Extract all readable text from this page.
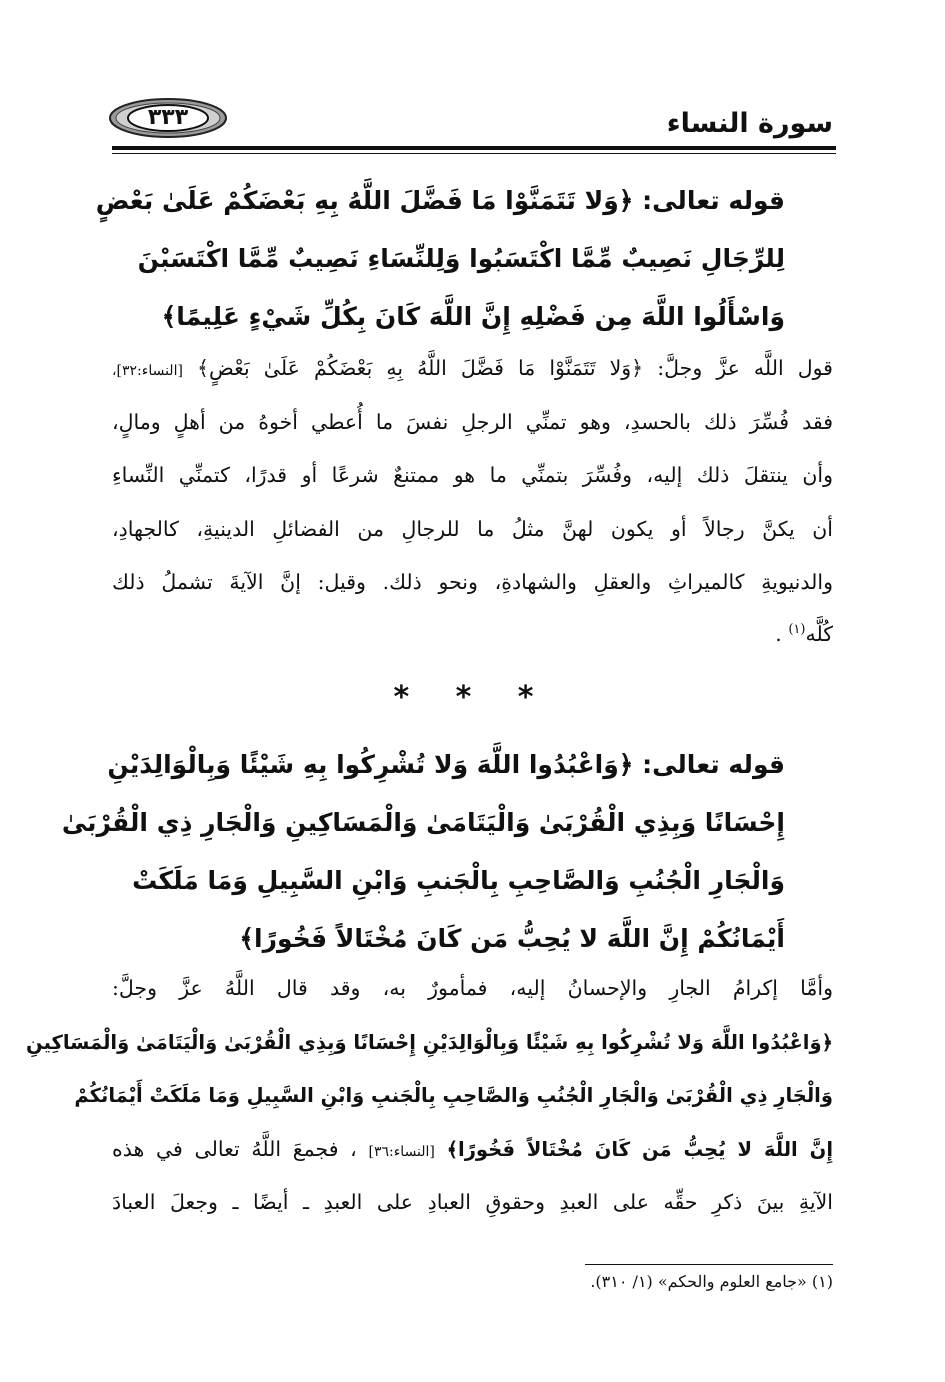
سورة النساء
٣٣٣
قوله تعالى: ﴿وَلا تَتَمَنَّوْا مَا فَضَّلَ اللَّهُ بِهِ بَعْضَكُمْ عَلَىٰ بَعْضٍ
لِلرِّجَالِ نَصِيبٌ مِّمَّا اكْتَسَبُوا وَلِلنِّسَاءِ نَصِيبٌ مِّمَّا اكْتَسَبْنَ
وَاسْأَلُوا اللَّهَ مِن فَضْلِهِ إِنَّ اللَّهَ كَانَ بِكُلِّ شَيْءٍ عَلِيمًا﴾
قول اللَّه عزَّ وجلَّ: ﴿وَلا تَتَمَنَّوْا مَا فَضَّلَ اللَّهُ بِهِ بَعْضَكُمْ عَلَىٰ بَعْضٍ﴾ [النساء:٣٢]،
فقد فُسِّرَ ذلك بالحسدِ، وهو تمنِّي الرجلِ نفسَ ما أُعطي أخوهُ من أهلٍ ومالٍ،
وأن ينتقلَ ذلك إليه، وفُسِّرَ بتمنِّي ما هو ممتنعٌ شرعًا أو قدرًا، كتمنِّي النِّساءِ
أن يكنَّ رجالاً أو يكون لهنَّ مثلُ ما للرجالِ من الفضائلِ الدينيةِ، كالجهادِ،
والدنيويةِ كالميراثِ والعقلِ والشهادةِ، ونحو ذلك. وقيل: إنَّ الآيةَ تشملُ ذلك
كُلَّه$^{(١)}$ .
* * *
قوله تعالى: ﴿وَاعْبُدُوا اللَّهَ وَلا تُشْرِكُوا بِهِ شَيْئًا وَبِالْوَالِدَيْنِ
إِحْسَانًا وَبِذِي الْقُرْبَىٰ وَالْيَتَامَىٰ وَالْمَسَاكِينِ وَالْجَارِ ذِي الْقُرْبَىٰ
وَالْجَارِ الْجُنُبِ وَالصَّاحِبِ بِالْجَنبِ وَابْنِ السَّبِيلِ وَمَا مَلَكَتْ
أَيْمَانُكُمْ إِنَّ اللَّهَ لا يُحِبُّ مَن كَانَ مُخْتَالاً فَخُورًا﴾
وأمَّا إكرامُ الجارِ والإحسانُ إليه، فمأمورٌ به، وقد قال اللَّهُ عزَّ وجلَّ:
﴿وَاعْبُدُوا اللَّهَ وَلا تُشْرِكُوا بِهِ شَيْئًا وَبِالْوَالِدَيْنِ إِحْسَانًا وَبِذِي الْقُرْبَىٰ وَالْيَتَامَىٰ وَالْمَسَاكِينِ
وَالْجَارِ ذِي الْقُرْبَىٰ وَالْجَارِ الْجُنُبِ وَالصَّاحِبِ بِالْجَنبِ وَابْنِ السَّبِيلِ وَمَا مَلَكَتْ أَيْمَانُكُمْ
إِنَّ اللَّهَ لا يُحِبُّ مَن كَانَ مُخْتَالاً فَخُورًا﴾ [النساء:٣٦] ، فجمعَ اللَّهُ تعالى في هذه
الآيةِ بينَ ذكرِ حقِّه على العبدِ وحقوقِ العبادِ على العبدِ ـ أيضًا ـ وجعلَ العبادَ
(١) «جامع العلوم والحكم» (١/ ٣١٠).
